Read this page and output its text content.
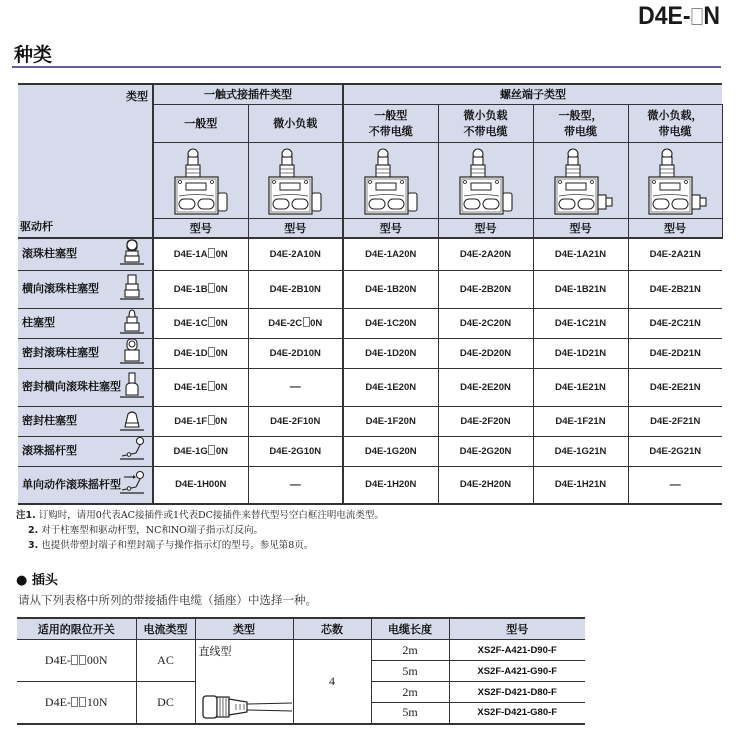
D4E- N
种类
类型
驱动杆	一触式接插件类型		螺丝端子类型			

一般型	微小负载

一般型
不带电缆

微小负载
不带电缆

一般型，
带电缆

微小负载，
带电缆

	型号	型号	型号	型号	型号	型号
滚珠柱塞型	D4E-1A 0N	D4E-2A10N	D4E-1A20N	D4E-2A20N	D4E-1A21N	D4E-2A21N
横向滚珠柱塞型	D4E-1B 0N	D4E-2B10N	D4E-1B20N	D4E-2B20N	D4E-1B21N	D4E-2B21N
柱塞型	D4E-1C 0N	D4E-2C 0N	D4E-1C20N	D4E-2C20N	D4E-1C21N	D4E-2C21N
密封滚珠柱塞型	D4E-1D 0N	D4E-2D10N	D4E-1D20N	D4E-2D20N	D4E-1D21N	D4E-2D21N
密封横向滚珠柱塞型	D4E-1E 0N	—	D4E-1E20N	D4E-2E20N	D4E-1E21N	D4E-2E21N
密封柱塞型	D4E-1F 0N	D4E-2F10N	D4E-1F20N	D4E-2F20N	D4E-1F21N	D4E-2F21N
滚珠摇杆型	D4E-1G 0N	D4E-2G10N	D4E-1G20N	D4E-2G20N	D4E-1G21N	D4E-2G21N
单向动作滚珠摇杆型	D4E-1H00N	—	D4E-1H20N	D4E-2H20N	D4E-1H21N	—
注1. 订购时，请用0代表AC接插件或1代表DC接插件来替代型号空白框注明电流类型。
2. 对于柱塞型和驱动杆型，NC和NO端子指示灯反向。
3. 也提供带塑封端子和塑封端子与操作指示灯的型号。参见第8页。
● 插头
请从下列表格中所列的带接插件电缆（插座）中选择一种。
适用的限位开关	电流类型	类型	芯数	电缆长度	型号
D4E- 00N	AC	直线型	4	2m	XS2F-A421-D90-F
				5m	XS2F-A421-G90-F
D4E- 10N	DC			2m	XS2F-D421-D80-F
				5m	XS2F-D421-G80-F
